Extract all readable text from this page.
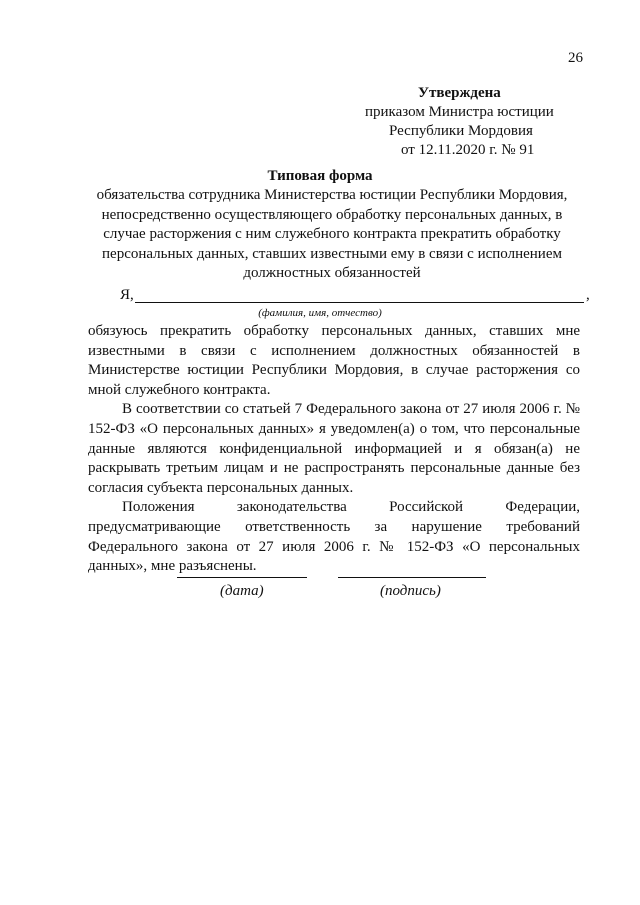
26
Утверждена
приказом Министра юстиции
Республики Мордовия
от 12.11.2020 г. № 91
Типовая форма
обязательства сотрудника Министерства юстиции Республики Мордовия,
непосредственно осуществляющего обработку персональных данных, в
случае расторжения с ним служебного контракта прекратить обработку
персональных данных, ставших известными ему в связи с исполнением
должностных обязанностей
Я,	,
(фамилия, имя, отчество)

обязуюсь прекратить обработку персональных данных, ставших мне известными в связи с исполнением должностных обязанностей в Министерстве юстиции Республики Мордовия, в случае расторжения со мной служебного контракта.

В соответствии со статьей 7 Федерального закона от 27 июля 2006 г. № 152-ФЗ «О персональных данных» я уведомлен(а) о том, что персональные данные являются конфиденциальной информацией и я обязан(а) не раскрывать третьим лицам и не распространять персональные данные без согласия субъекта персональных данных.

Положения законодательства Российской Федерации, предусматривающие ответственность за нарушение требований Федерального закона от 27 июля 2006 г. № 152-ФЗ «О персональных данных», мне разъяснены.

(дата)	(подпись)
